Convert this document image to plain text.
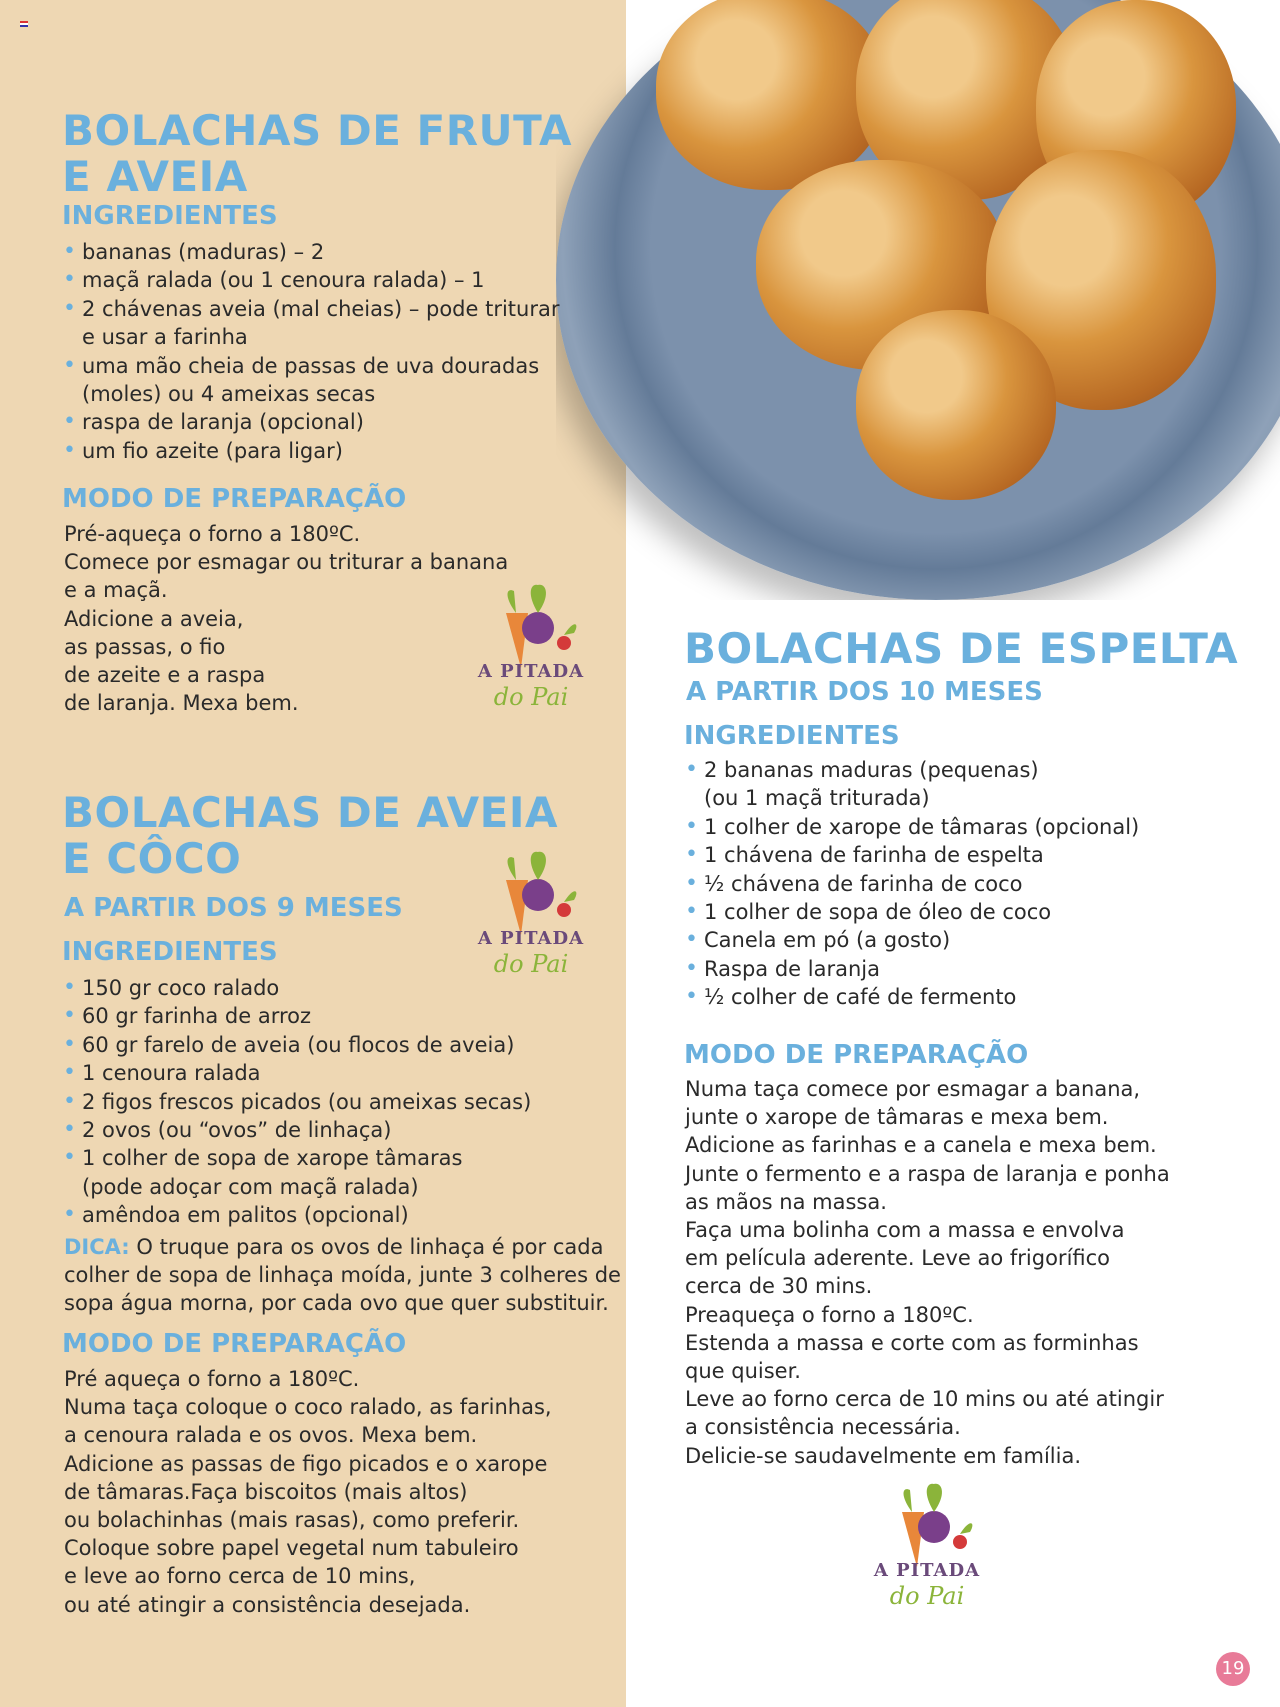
BOLACHAS DE FRUTA
E AVEIA
INGREDIENTES
• bananas (maduras) – 2
• maçã ralada (ou 1 cenoura ralada) – 1
• 2 chávenas aveia (mal cheias) – pode triturar
e usar a farinha
• uma mão cheia de passas de uva douradas
(moles) ou 4 ameixas secas
• raspa de laranja (opcional)
• um fio azeite (para ligar)
MODO DE PREPARAÇÃO
Pré-aqueça o forno a 180ºC.
Comece por esmagar ou triturar a banana
e a maçã.
Adicione a aveia,
as passas, o fio
de azeite e a raspa
de laranja. Mexa bem.
A PITADA
do Pai
BOLACHAS DE AVEIA
E CÔCO
A PARTIR DOS 9 MESES
INGREDIENTES
• 150 gr coco ralado
• 60 gr farinha de arroz
• 60 gr farelo de aveia (ou flocos de aveia)
• 1 cenoura ralada
• 2 figos frescos picados (ou ameixas secas)
• 2 ovos (ou “ovos” de linhaça)
• 1 colher de sopa de xarope tâmaras
(pode adoçar com maçã ralada)
• amêndoa em palitos (opcional)
DICA: O truque para os ovos de linhaça é por cada
colher de sopa de linhaça moída, junte 3 colheres de
sopa água morna, por cada ovo que quer substituir.
MODO DE PREPARAÇÃO
Pré aqueça o forno a 180ºC.
Numa taça coloque o coco ralado, as farinhas,
a cenoura ralada e os ovos. Mexa bem.
Adicione as passas de figo picados e o xarope
de tâmaras.Faça biscoitos (mais altos)
ou bolachinhas (mais rasas), como preferir.
Coloque sobre papel vegetal num tabuleiro
e leve ao forno cerca de 10 mins,
ou até atingir a consistência desejada.
A PITADA
do Pai
BOLACHAS DE ESPELTA
A PARTIR DOS 10 MESES
INGREDIENTES
• 2 bananas maduras (pequenas)
(ou 1 maçã triturada)
• 1 colher de xarope de tâmaras (opcional)
• 1 chávena de farinha de espelta
• ½ chávena de farinha de coco
• 1 colher de sopa de óleo de coco
• Canela em pó (a gosto)
• Raspa de laranja
• ½ colher de café de fermento
MODO DE PREPARAÇÃO
Numa taça comece por esmagar a banana,
junte o xarope de tâmaras e mexa bem.
Adicione as farinhas e a canela e mexa bem.
Junte o fermento e a raspa de laranja e ponha
as mãos na massa.
Faça uma bolinha com a massa e envolva
em película aderente. Leve ao frigorífico
cerca de 30 mins.
Preaqueça o forno a 180ºC.
Estenda a massa e corte com as forminhas
que quiser.
Leve ao forno cerca de 10 mins ou até atingir
a consistência necessária.
Delicie-se saudavelmente em família.
A PITADA
do Pai
19
